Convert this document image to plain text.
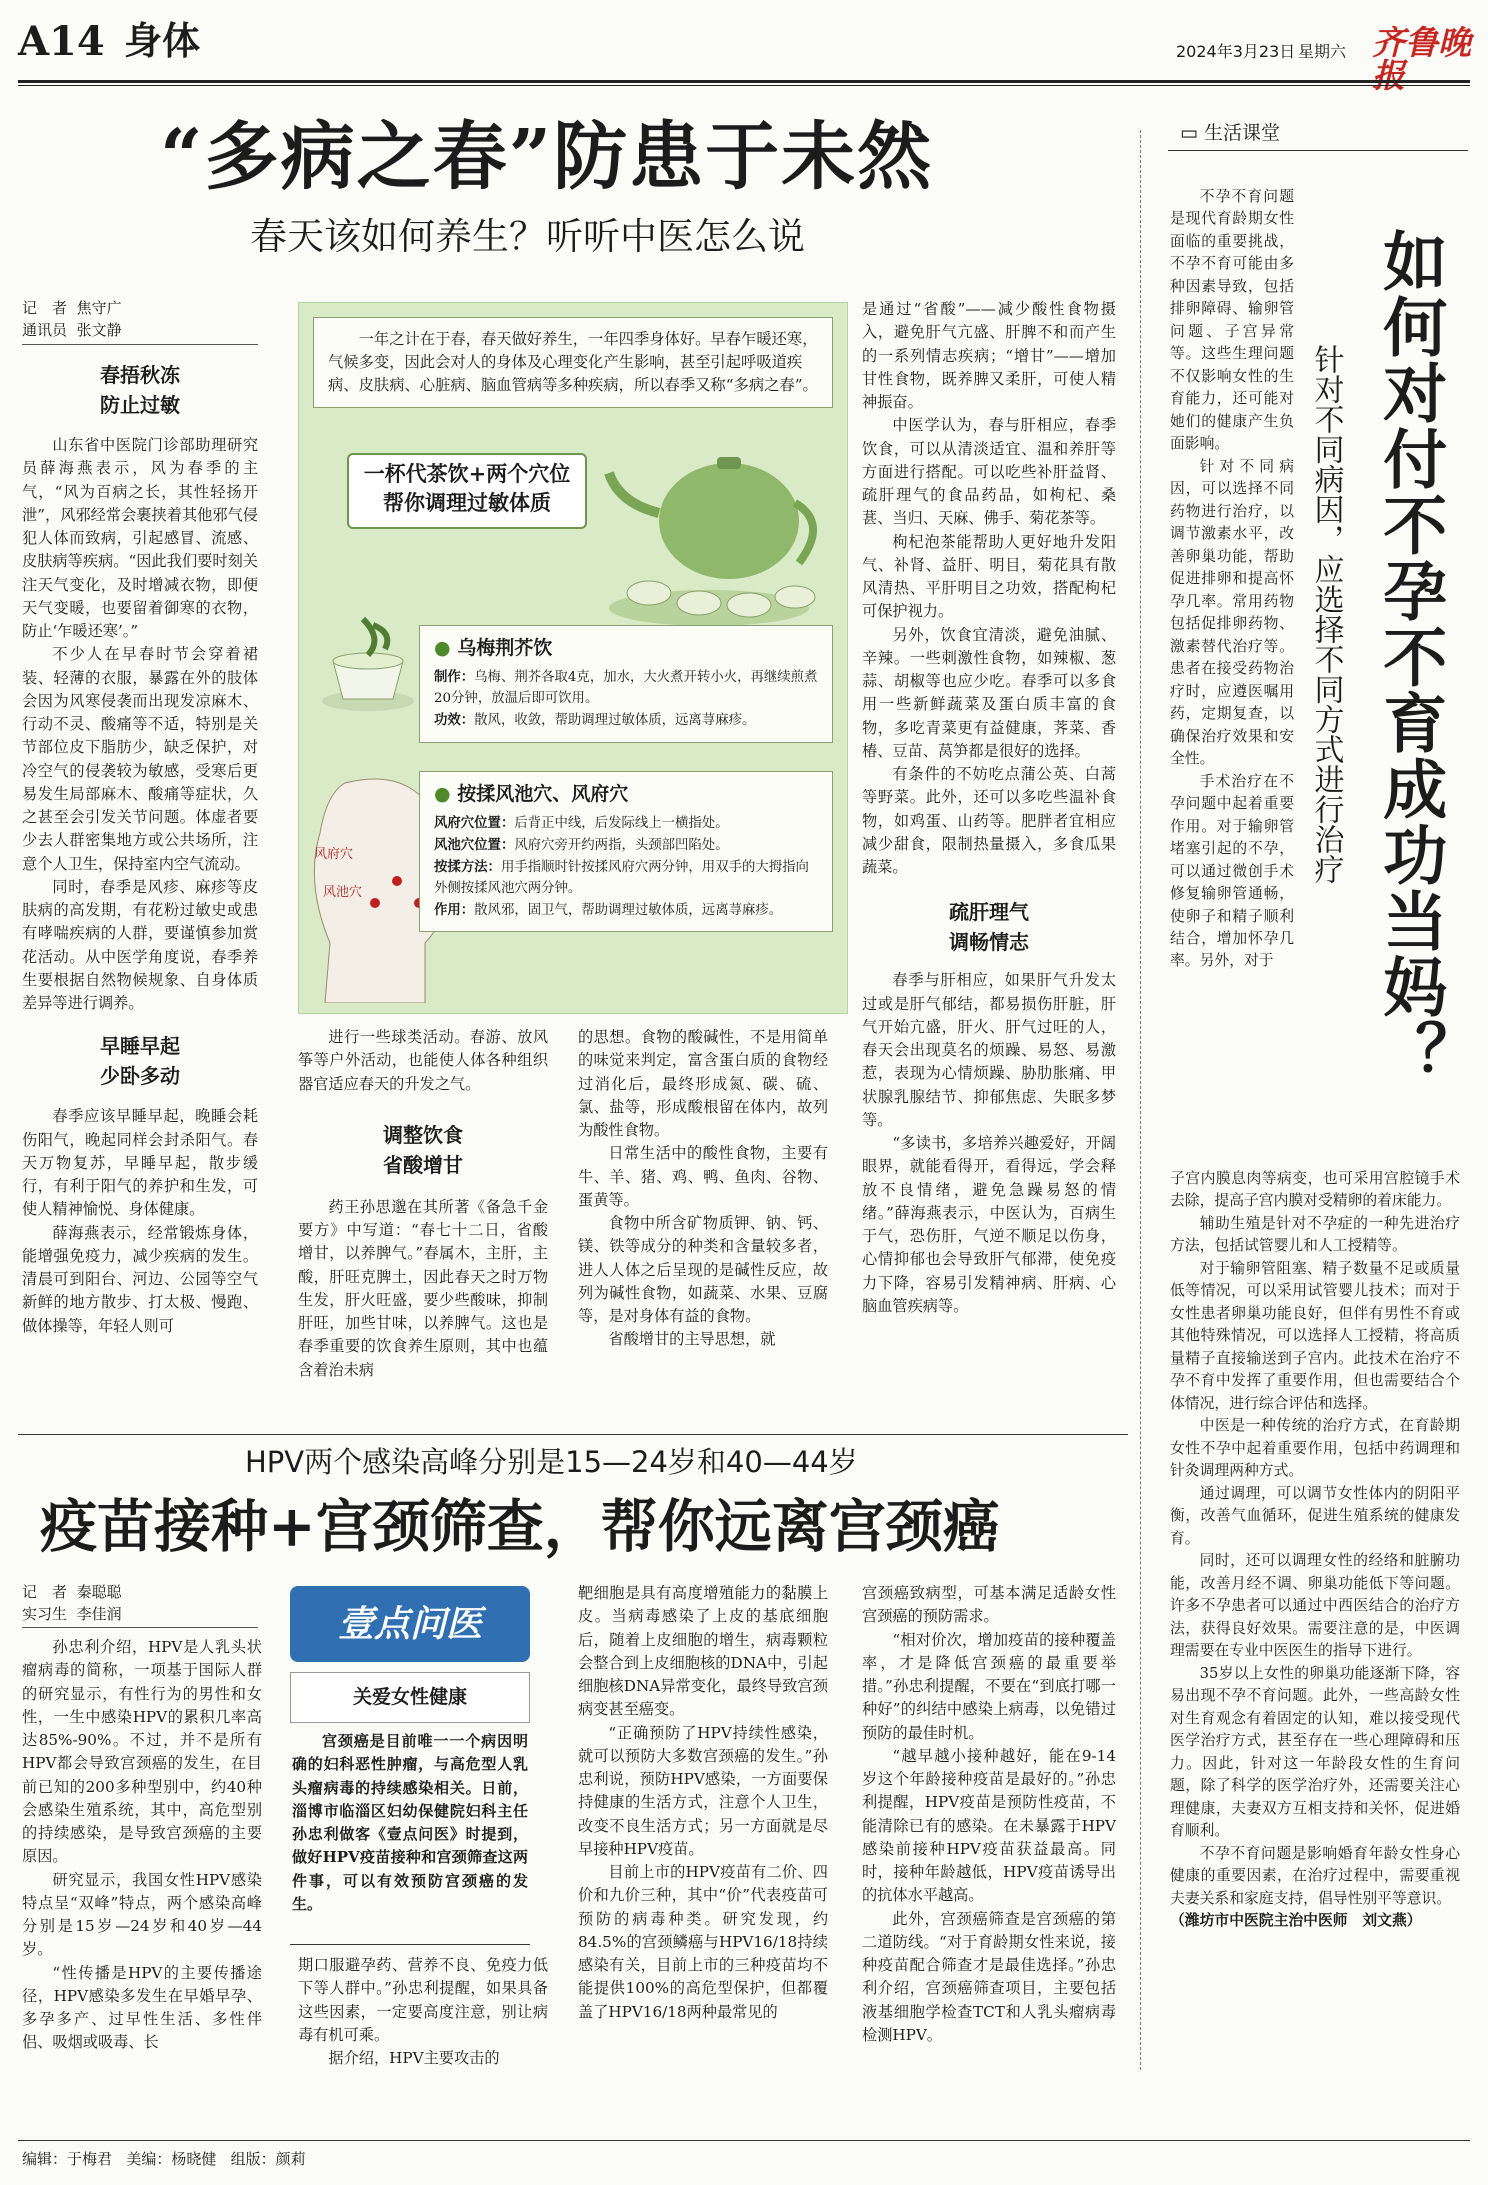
A14 身体	2024年3月23日 星期六 齐鲁晚报
“多病之春”防患于未然
春天该如何养生？听听中医怎么说
记　者 焦守广
通讯员 张文静
春捂秋冻
防止过敏

山东省中医院门诊部助理研究员薛海燕表示，风为春季的主气，“风为百病之长，其性轻扬开泄”，风邪经常会裹挟着其他邪气侵犯人体而致病，引起感冒、流感、皮肤病等疾病。“因此我们要时刻关注天气变化，及时增减衣物，即便天气变暖，也要留着御寒的衣物，防止‘乍暖还寒’。”

不少人在早春时节会穿着裙装、轻薄的衣服，暴露在外的肢体会因为风寒侵袭而出现发凉麻木、行动不灵、酸痛等不适，特别是关节部位皮下脂肪少，缺乏保护，对冷空气的侵袭较为敏感，受寒后更易发生局部麻木、酸痛等症状，久之甚至会引发关节问题。体虚者要少去人群密集地方或公共场所，注意个人卫生，保持室内空气流动。

同时，春季是风疹、麻疹等皮肤病的高发期，有花粉过敏史或患有哮喘疾病的人群，要谨慎参加赏花活动。从中医学角度说，春季养生要根据自然物候规象、自身体质差异等进行调养。

早睡早起
少卧多动

春季应该早睡早起，晚睡会耗伤阳气，晚起同样会封杀阳气。春天万物复苏，早睡早起，散步缓行，有利于阳气的养护和生发，可使人精神愉悦、身体健康。

薛海燕表示，经常锻炼身体，能增强免疫力，减少疾病的发生。清晨可到阳台、河边、公园等空气新鲜的地方散步、打太极、慢跑、做体操等，年轻人则可

一年之计在于春，春天做好养生，一年四季身体好。早春乍暖还寒，气候多变，因此会对人的身体及心理变化产生影响，甚至引起呼吸道疾病、皮肤病、心脏病、脑血管病等多种疾病，所以春季又称“多病之春”。

一杯代茶饮+两个穴位
帮你调理过敏体质
● 乌梅荆芥饮
制作：乌梅、荆芥各取4克，加水，大火煮开转小火，再继续煎煮20分钟，放温后即可饮用。
功效：散风，收敛，帮助调理过敏体质，远离荨麻疹。
风府穴
风池穴
● 按揉风池穴、风府穴
风府穴位置：后背正中线，后发际线上一横指处。
风池穴位置：风府穴旁开约两指，头颈部凹陷处。
按揉方法：用手指顺时针按揉风府穴两分钟，用双手的大拇指向外侧按揉风池穴两分钟。
作用：散风邪，固卫气，帮助调理过敏体质，远离荨麻疹。

进行一些球类活动。春游、放风筝等户外活动，也能使人体各种组织器官适应春天的升发之气。

调整饮食
省酸增甘

药王孙思邈在其所著《备急千金要方》中写道：“春七十二日，省酸增甘，以养脾气。”春属木，主肝，主酸，肝旺克脾土，因此春天之时万物生发，肝火旺盛，要少些酸味，抑制肝旺，加些甘味，以养脾气。这也是春季重要的饮食养生原则，其中也蕴含着治未病

的思想。食物的酸碱性，不是用简单的味觉来判定，富含蛋白质的食物经过消化后，最终形成氮、碳、硫、氯、盐等，形成酸根留在体内，故列为酸性食物。

日常生活中的酸性食物，主要有牛、羊、猪、鸡、鸭、鱼肉、谷物、蛋黄等。

食物中所含矿物质钾、钠、钙、镁、铁等成分的种类和含量较多者，进人人体之后呈现的是碱性反应，故列为碱性食物，如蔬菜、水果、豆腐等，是对身体有益的食物。

省酸增甘的主导思想，就

是通过“省酸”——减少酸性食物摄入，避免肝气亢盛、肝脾不和而产生的一系列情志疾病；“增甘”——增加甘性食物，既养脾又柔肝，可使人精神振奋。

中医学认为，春与肝相应，春季饮食，可以从清淡适宜、温和养肝等方面进行搭配。可以吃些补肝益肾、疏肝理气的食品药品，如枸杞、桑葚、当归、天麻、佛手、菊花茶等。

枸杞泡茶能帮助人更好地升发阳气、补肾、益肝、明目，菊花具有散风清热、平肝明目之功效，搭配枸杞可保护视力。

另外，饮食宜清淡，避免油腻、辛辣。一些刺激性食物，如辣椒、葱蒜、胡椒等也应少吃。春季可以多食用一些新鲜蔬菜及蛋白质丰富的食物，多吃青菜更有益健康，荠菜、香椿、豆苗、莴笋都是很好的选择。

有条件的不妨吃点蒲公英、白蒿等野菜。此外，还可以多吃些温补食物，如鸡蛋、山药等。肥胖者宜相应减少甜食，限制热量摄入，多食瓜果蔬菜。

疏肝理气
调畅情志

春季与肝相应，如果肝气升发太过或是肝气郁结，都易损伤肝脏，肝气开始亢盛，肝火、肝气过旺的人，春天会出现莫名的烦躁、易怒、易激惹，表现为心情烦躁、胁肋胀痛、甲状腺乳腺结节、抑郁焦虑、失眠多梦等。

“多读书，多培养兴趣爱好，开阔眼界，就能看得开，看得远，学会释放不良情绪，避免急躁易怒的情绪。”薛海燕表示，中医认为，百病生于气，恐伤肝，气逆不顺足以伤身，心情抑郁也会导致肝气郁滞，使免疫力下降，容易引发精神病、肝病、心脑血管疾病等。

▭ 生活课堂

不孕不育问题是现代育龄期女性面临的重要挑战，不孕不育可能由多种因素导致，包括排卵障碍、输卵管问题、子宫异常等。这些生理问题不仅影响女性的生育能力，还可能对她们的健康产生负面影响。

针对不同病因，可以选择不同药物进行治疗，以调节激素水平，改善卵巢功能，帮助促进排卵和提高怀孕几率。常用药物包括促排卵药物、激素替代治疗等。患者在接受药物治疗时，应遵医嘱用药，定期复查，以确保治疗效果和安全性。

手术治疗在不孕问题中起着重要作用。对于输卵管堵塞引起的不孕，可以通过微创手术修复输卵管通畅，使卵子和精子顺利结合，增加怀孕几率。另外，对于	如何对付不孕不育成功当妈？
针对不同病因，应选择不同方式进行治疗

子宫内膜息肉等病变，也可采用宫腔镜手术去除，提高子宫内膜对受精卵的着床能力。

辅助生殖是针对不孕症的一种先进治疗方法，包括试管婴儿和人工授精等。

对于输卵管阻塞、精子数量不足或质量低等情况，可以采用试管婴儿技术；而对于女性患者卵巢功能良好，但伴有男性不育或其他特殊情况，可以选择人工授精，将高质量精子直接输送到子宫内。此技术在治疗不孕不育中发挥了重要作用，但也需要结合个体情况，进行综合评估和选择。

中医是一种传统的治疗方式，在育龄期女性不孕中起着重要作用，包括中药调理和针灸调理两种方式。

通过调理，可以调节女性体内的阴阳平衡，改善气血循环，促进生殖系统的健康发育。

同时，还可以调理女性的经络和脏腑功能，改善月经不调、卵巢功能低下等问题。许多不孕患者可以通过中西医结合的治疗方法，获得良好效果。需要注意的是，中医调理需要在专业中医医生的指导下进行。

35岁以上女性的卵巢功能逐渐下降，容易出现不孕不育问题。此外，一些高龄女性对生育观念有着固定的认知，难以接受现代医学治疗方式，甚至存在一些心理障碍和压力。因此，针对这一年龄段女性的生育问题，除了科学的医学治疗外，还需要关注心理健康，夫妻双方互相支持和关怀，促进婚育顺利。

不孕不育问题是影响婚育年龄女性身心健康的重要因素，在治疗过程中，需要重视夫妻关系和家庭支持，倡导性别平等意识。

（潍坊市中医院主治中医师　刘文燕）

HPV两个感染高峰分别是15—24岁和40—44岁
疫苗接种+宫颈筛查，帮你远离宫颈癌
记　者 秦聪聪
实习生 李佳润

孙忠利介绍，HPV是人乳头状瘤病毒的简称，一项基于国际人群的研究显示，有性行为的男性和女性，一生中感染HPV的累积几率高达85%-90%。不过，并不是所有HPV都会导致宫颈癌的发生，在目前已知的200多种型别中，约40种会感染生殖系统，其中，高危型别的持续感染，是导致宫颈癌的主要原因。

研究显示，我国女性HPV感染特点呈“双峰”特点，两个感染高峰分别是15岁—24岁和40岁—44岁。

“性传播是HPV的主要传播途径，HPV感染多发生在早婚早孕、多孕多产、过早性生活、多性伴侣、吸烟或吸毒、长

壹点问医
关爱女性健康

宫颈癌是目前唯一一个病因明确的妇科恶性肿瘤，与高危型人乳头瘤病毒的持续感染相关。日前，淄博市临淄区妇幼保健院妇科主任孙忠利做客《壹点问医》时提到，做好HPV疫苗接种和宫颈筛查这两件事，可以有效预防宫颈癌的发生。

期口服避孕药、营养不良、免疫力低下等人群中。”孙忠利提醒，如果具备这些因素，一定要高度注意，别让病毒有机可乘。

据介绍，HPV主要攻击的

靶细胞是具有高度增殖能力的黏膜上皮。当病毒感染了上皮的基底细胞后，随着上皮细胞的增生，病毒颗粒会整合到上皮细胞核的DNA中，引起细胞核DNA异常变化，最终导致宫颈病变甚至癌变。

“正确预防了HPV持续性感染，就可以预防大多数宫颈癌的发生。”孙忠利说，预防HPV感染，一方面要保持健康的生活方式，注意个人卫生，改变不良生活方式；另一方面就是尽早接种HPV疫苗。

目前上市的HPV疫苗有二价、四价和九价三种，其中“价”代表疫苗可预防的病毒种类。研究发现，约84.5%的宫颈鳞癌与HPV16/18持续感染有关，目前上市的三种疫苗均不能提供100%的高危型保护，但都覆盖了HPV16/18两种最常见的

宫颈癌致病型，可基本满足适龄女性宫颈癌的预防需求。

“相对价次，增加疫苗的接种覆盖率，才是降低宫颈癌的最重要举措。”孙忠利提醒，不要在“到底打哪一种好”的纠结中感染上病毒，以免错过预防的最佳时机。

“越早越小接种越好，能在9-14岁这个年龄接种疫苗是最好的。”孙忠利提醒，HPV疫苗是预防性疫苗，不能清除已有的感染。在未暴露于HPV感染前接种HPV疫苗获益最高。同时，接种年龄越低，HPV疫苗诱导出的抗体水平越高。

此外，宫颈癌筛查是宫颈癌的第二道防线。“对于育龄期女性来说，接种疫苗配合筛查才是最佳选择。”孙忠利介绍，宫颈癌筛查项目，主要包括液基细胞学检查TCT和人乳头瘤病毒检测HPV。

编辑：于梅君 美编：杨晓健 组版：颜莉
